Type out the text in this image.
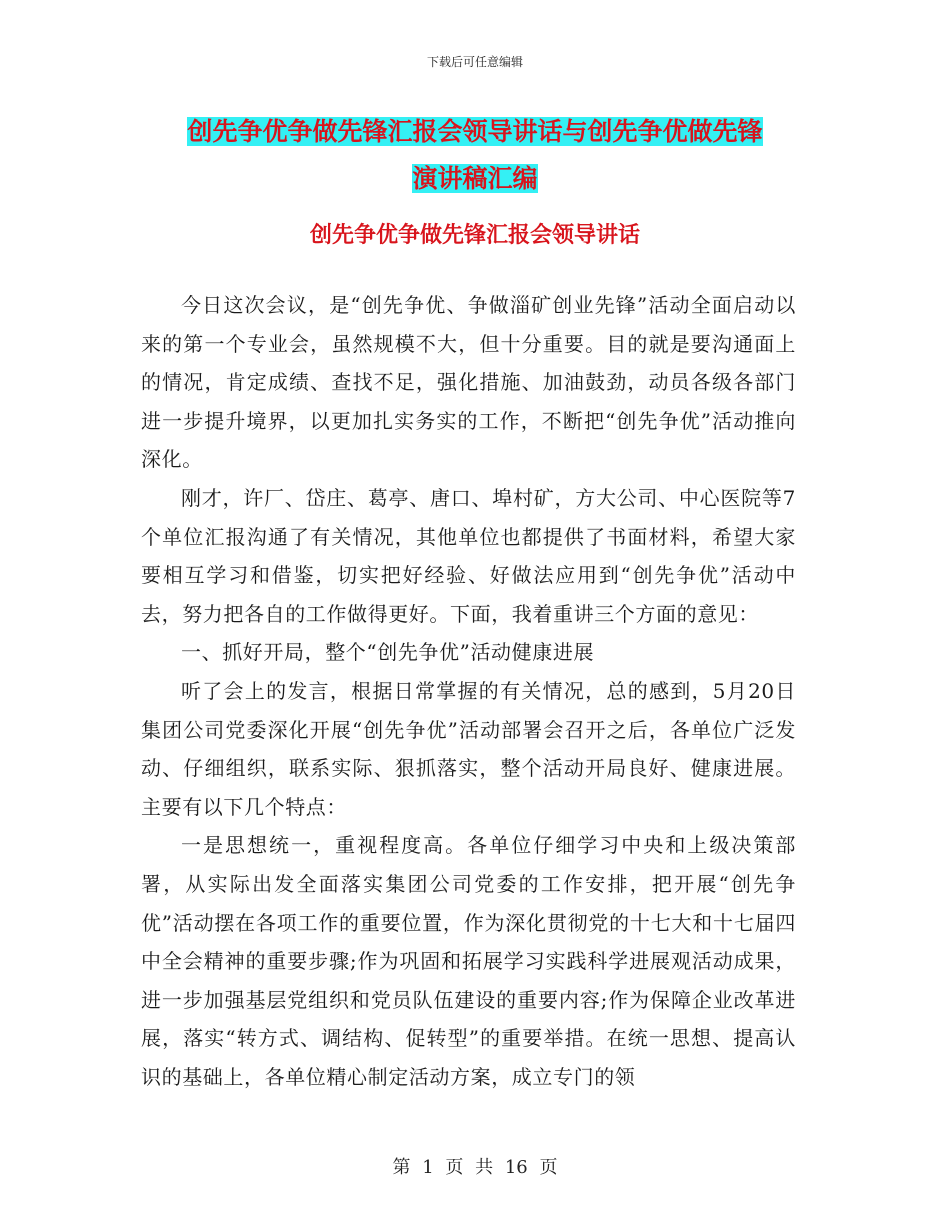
下载后可任意编辑
创先争优争做先锋汇报会领导讲话与创先争优做先锋
演讲稿汇编
创先争优争做先锋汇报会领导讲话

今日这次会议，是“创先争优、争做淄矿创业先锋”活动全面启动以来的第一个专业会，虽然规模不大，但十分重要。目的就是要沟通面上的情况，肯定成绩、查找不足，强化措施、加油鼓劲，动员各级各部门进一步提升境界，以更加扎实务实的工作，不断把“创先争优”活动推向深化。

刚才，许厂、岱庄、葛亭、唐口、埠村矿，方大公司、中心医院等7个单位汇报沟通了有关情况，其他单位也都提供了书面材料，希望大家要相互学习和借鉴，切实把好经验、好做法应用到“创先争优”活动中去，努力把各自的工作做得更好。下面，我着重讲三个方面的意见：

一、抓好开局，整个“创先争优”活动健康进展

听了会上的发言，根据日常掌握的有关情况，总的感到，5月20日集团公司党委深化开展“创先争优”活动部署会召开之后，各单位广泛发动、仔细组织，联系实际、狠抓落实，整个活动开局良好、健康进展。主要有以下几个特点：

一是思想统一，重视程度高。各单位仔细学习中央和上级决策部署，从实际出发全面落实集团公司党委的工作安排，把开展“创先争优”活动摆在各项工作的重要位置，作为深化贯彻党的十七大和十七届四中全会精神的重要步骤;作为巩固和拓展学习实践科学进展观活动成果，进一步加强基层党组织和党员队伍建设的重要内容;作为保障企业改革进展，落实“转方式、调结构、促转型”的重要举措。在统一思想、提高认识的基础上，各单位精心制定活动方案，成立专门的领

第 1 页 共 16 页
